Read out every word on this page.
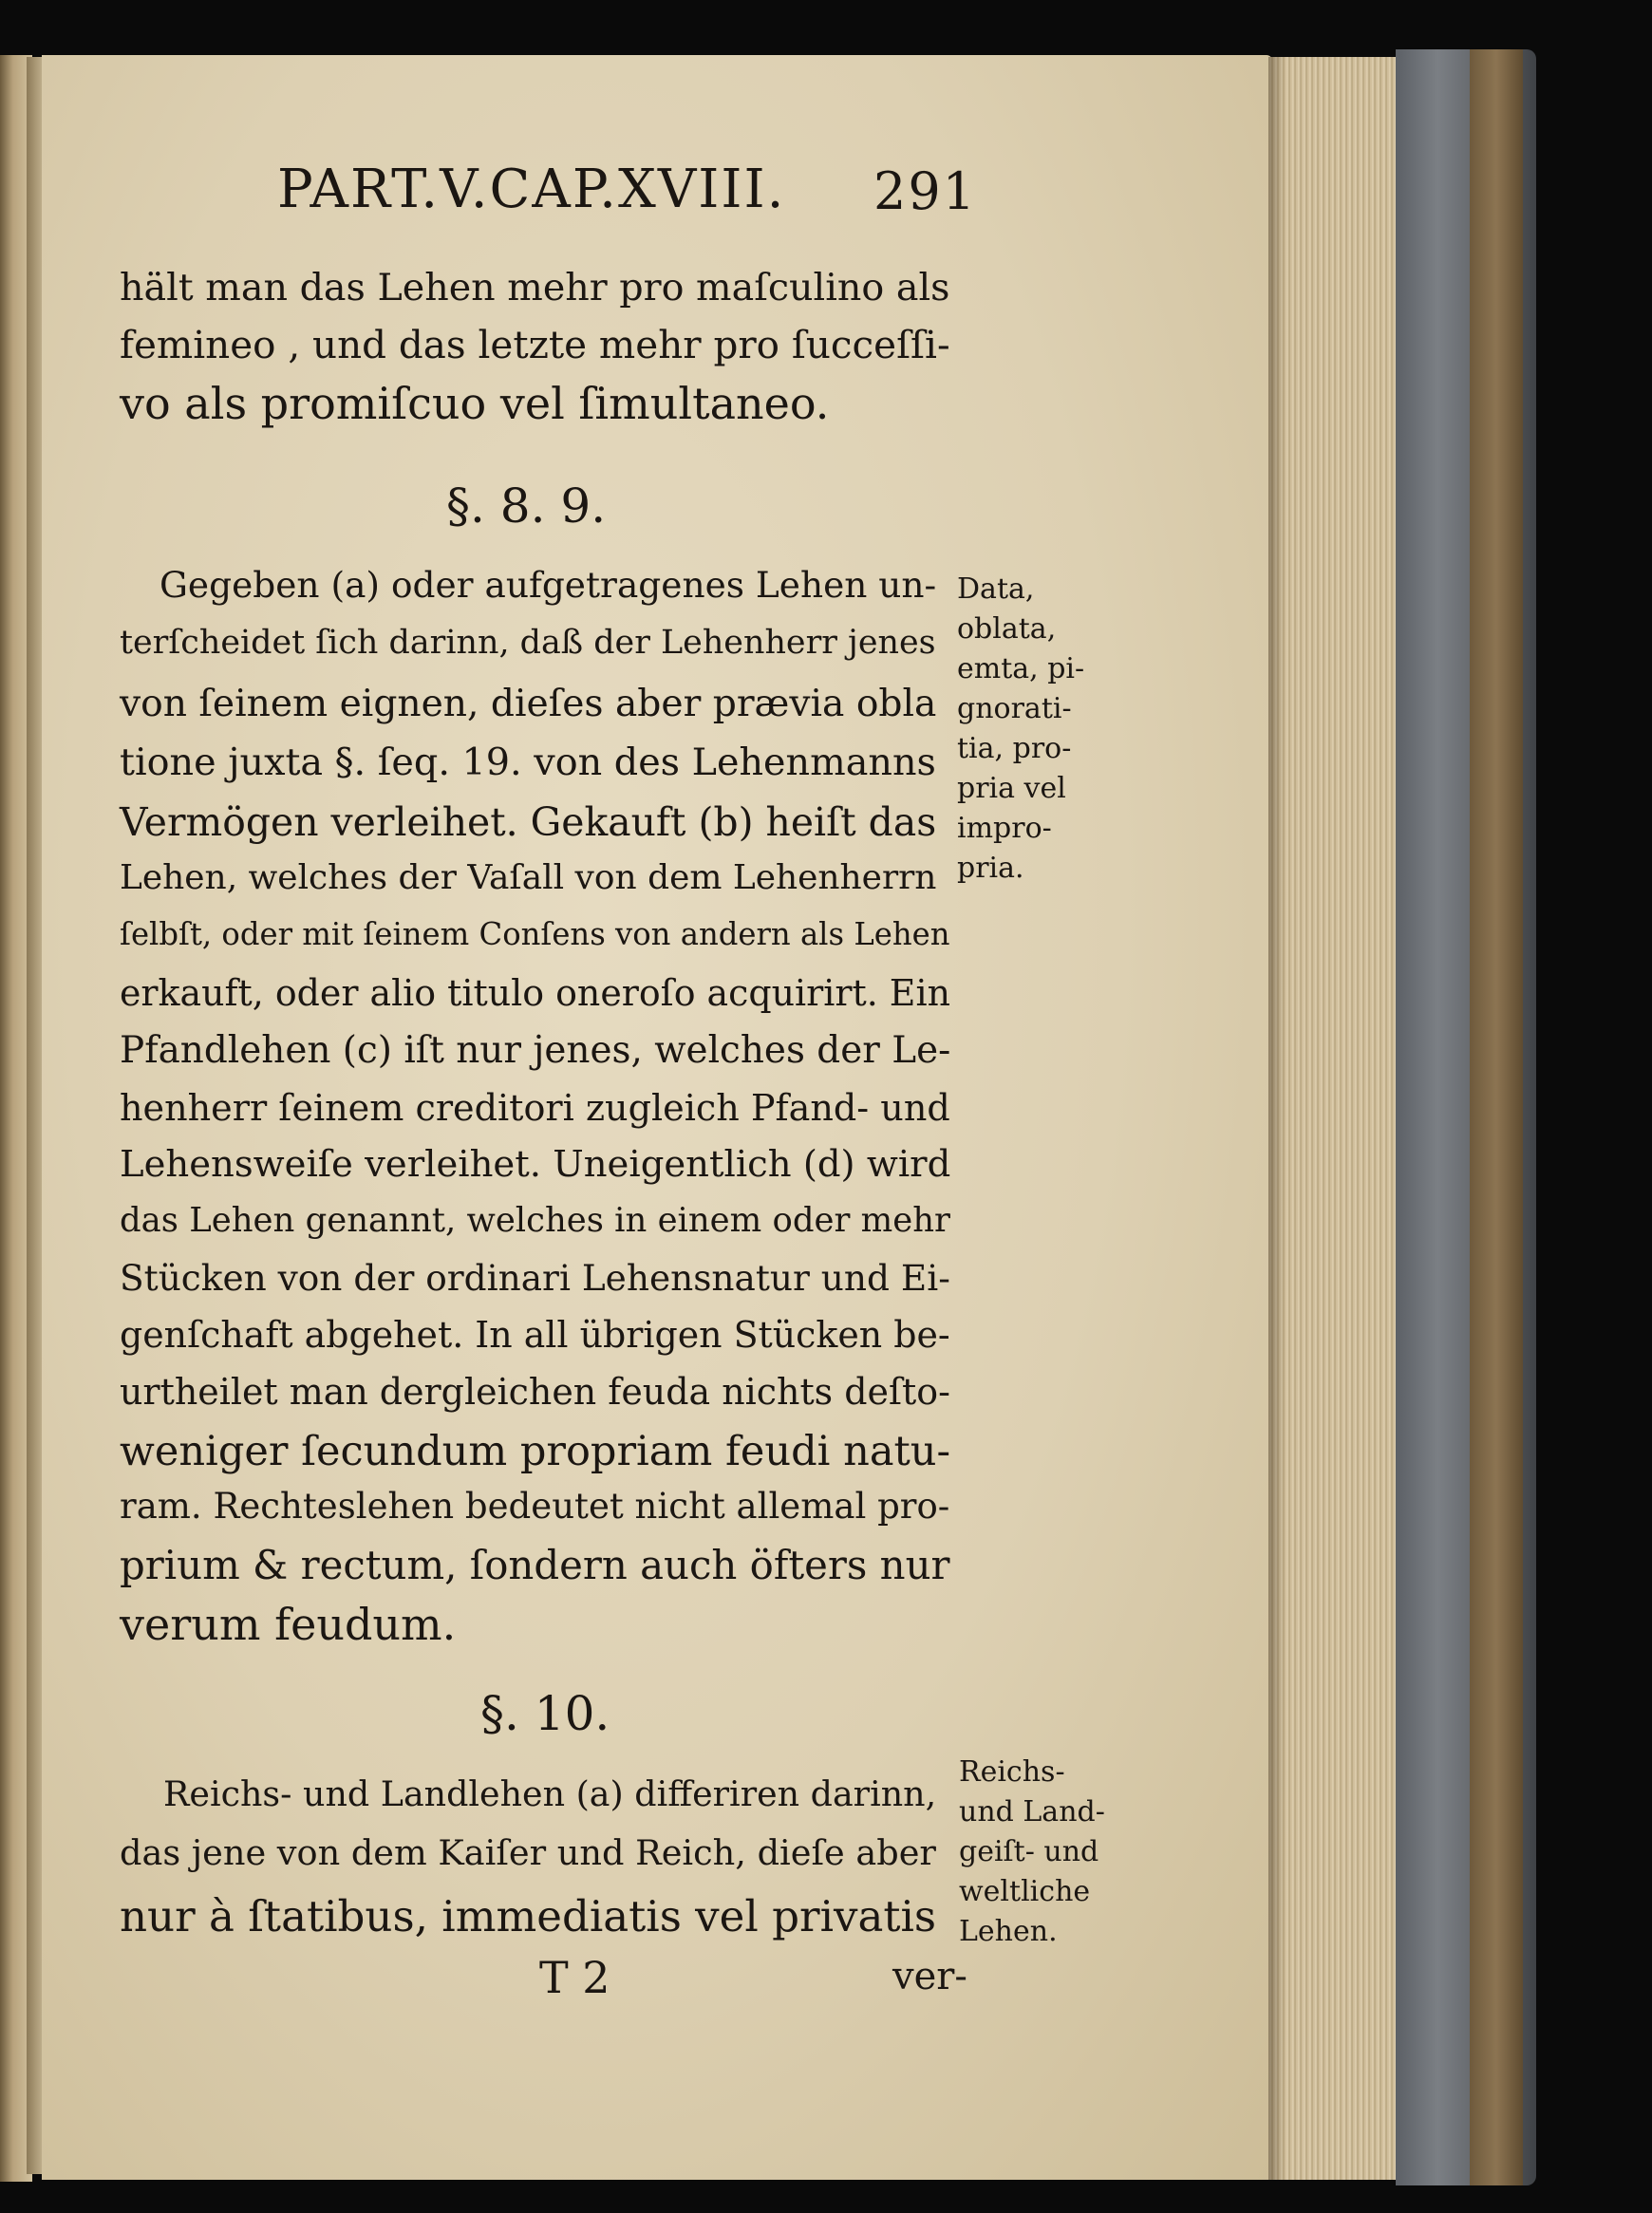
PART.V.CAP.XVIII. 291
hält man das Lehen mehr pro maſculino als
femineo , und das letzte mehr pro ſucceſſi-
vo als promiſcuo vel ſimultaneo.
§. 8. 9.
Gegeben (a) oder aufgetragenes Lehen un-
terſcheidet ſich darinn, daß der Lehenherr jenes
von ſeinem eignen, dieſes aber prævia obla
tione juxta §. ſeq. 19. von des Lehenmanns
Vermögen verleihet. Gekauft (b) heiſt das
Lehen, welches der Vaſall von dem Lehenherrn
ſelbſt, oder mit ſeinem Conſens von andern als Lehen
erkauft, oder alio titulo oneroſo acquirirt. Ein
Pfandlehen (c) iſt nur jenes, welches der Le-
henherr ſeinem creditori zugleich Pfand- und
Lehensweiſe verleihet. Uneigentlich (d) wird
das Lehen genannt, welches in einem oder mehr
Stücken von der ordinari Lehensnatur und Ei-
genſchaft abgehet. In all übrigen Stücken be-
urtheilet man dergleichen feuda nichts deſto-
weniger ſecundum propriam feudi natu-
ram. Rechteslehen bedeutet nicht allemal pro-
prium & rectum, ſondern auch öfters nur
verum feudum.
§. 10.
Reichs- und Landlehen (a) differiren darinn,
das jene von dem Kaiſer und Reich, dieſe aber
nur à ſtatibus, immediatis vel privatis
Data,
oblata,
emta, pi-
gnorati-
tia, pro-
pria vel
impro-
pria.
Reichs-
und Land-
geiſt- und
weltliche
Lehen.
T 2	ver-
